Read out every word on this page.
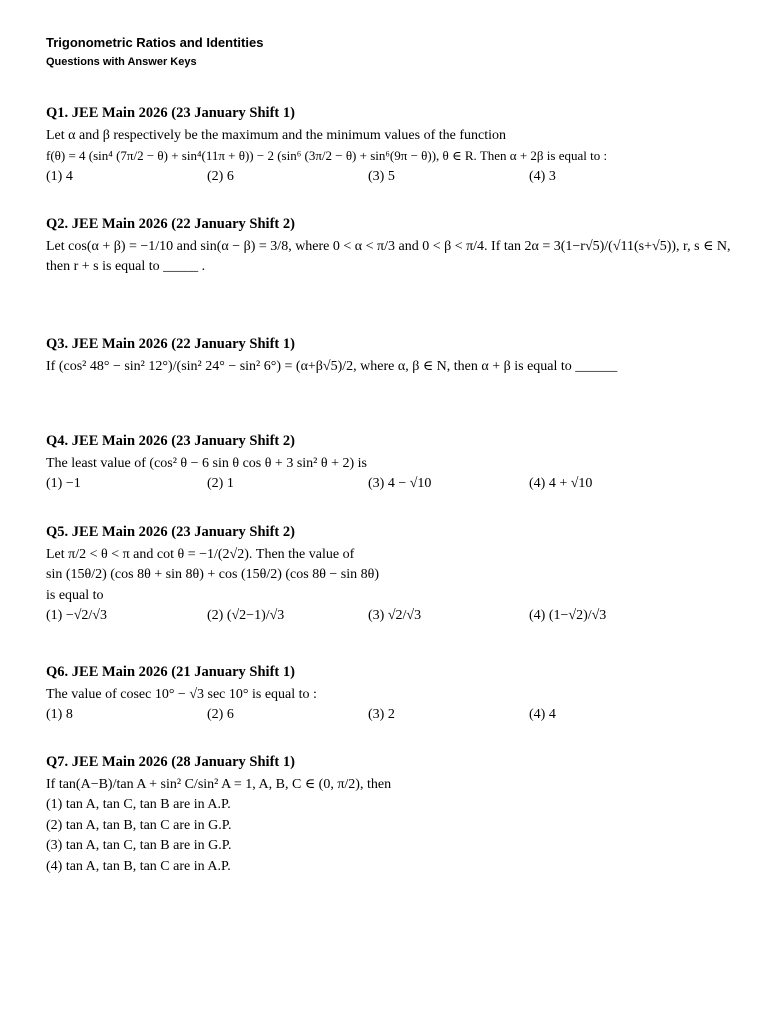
Trigonometric Ratios and Identities
Questions with Answer Keys
Q1. JEE Main 2026 (23 January Shift 1)
Let α and β respectively be the maximum and the minimum values of the function
f(θ) = 4 (sin⁴ (7π/2 − θ) + sin⁴(11π + θ)) − 2 (sin⁶ (3π/2 − θ) + sin⁶(9π − θ)), θ ∈ R. Then α + 2β is equal to :
(1) 4	(2) 6	(3) 5	(4) 3
Q2. JEE Main 2026 (22 January Shift 2)
Let cos(α + β) = −1/10 and sin(α − β) = 3/8, where 0 < α < π/3 and 0 < β < π/4. If tan 2α = 3(1−r√5)/(√11(s+√5)), r, s ∈ N,
then r + s is equal to _____ .
Q3. JEE Main 2026 (22 January Shift 1)
If (cos² 48° − sin² 12°)/(sin² 24° − sin² 6°) = (α+β√5)/2, where α, β ∈ N, then α + β is equal to ______
Q4. JEE Main 2026 (23 January Shift 2)
The least value of (cos² θ − 6 sin θ cos θ + 3 sin² θ + 2) is
(1) −1	(2) 1	(3) 4 − √10	(4) 4 + √10
Q5. JEE Main 2026 (23 January Shift 2)
Let π/2 < θ < π and cot θ = −1/(2√2). Then the value of
sin (15θ/2) (cos 8θ + sin 8θ) + cos (15θ/2) (cos 8θ − sin 8θ)
is equal to
(1) −√2/√3	(2) (√2−1)/√3	(3) √2/√3	(4) (1−√2)/√3
Q6. JEE Main 2026 (21 January Shift 1)
The value of cosec 10° − √3 sec 10° is equal to :
(1) 8	(2) 6	(3) 2	(4) 4
Q7. JEE Main 2026 (28 January Shift 1)
If tan(A−B)/tan A + sin² C/sin² A = 1, A, B, C ∈ (0, π/2), then
(1) tan A, tan C, tan B are in A.P.
(2) tan A, tan B, tan C are in G.P.
(3) tan A, tan C, tan B are in G.P.
(4) tan A, tan B, tan C are in A.P.
